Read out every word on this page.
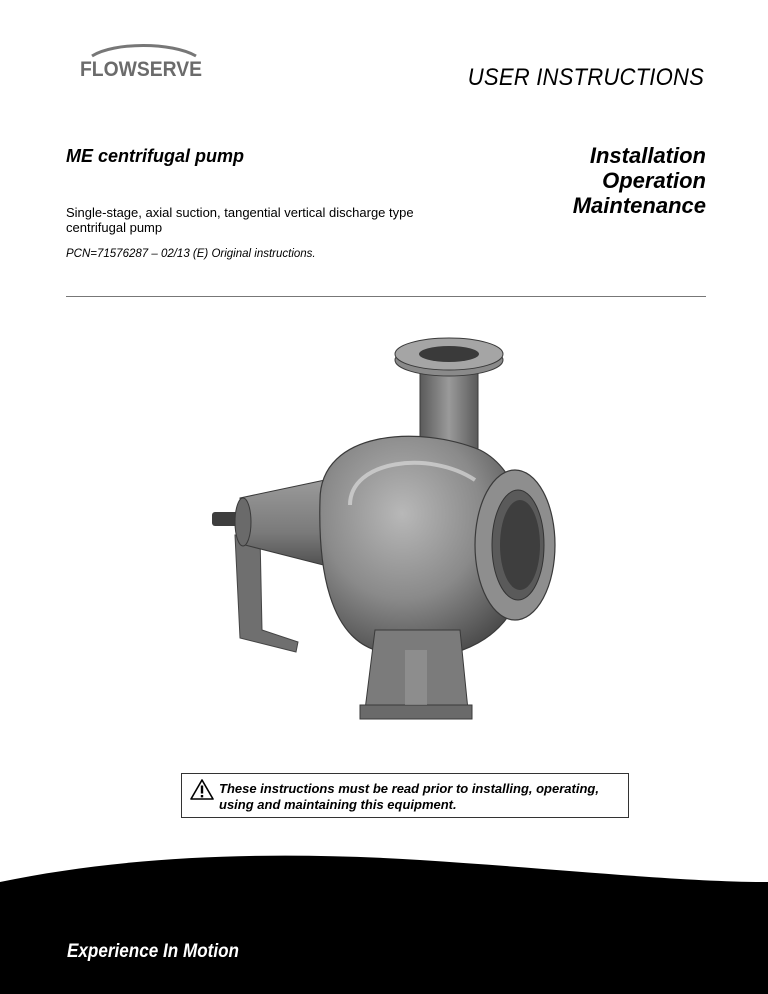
FLOWSERVE	USER INSTRUCTIONS
ME centrifugal pump
Single-stage, axial suction, tangential vertical discharge type centrifugal pump
PCN=71576287 – 02/13 (E) Original instructions.
Installation
Operation
Maintenance
These instructions must be read prior to installing, operating, using and maintaining this equipment.
Experience In Motion
